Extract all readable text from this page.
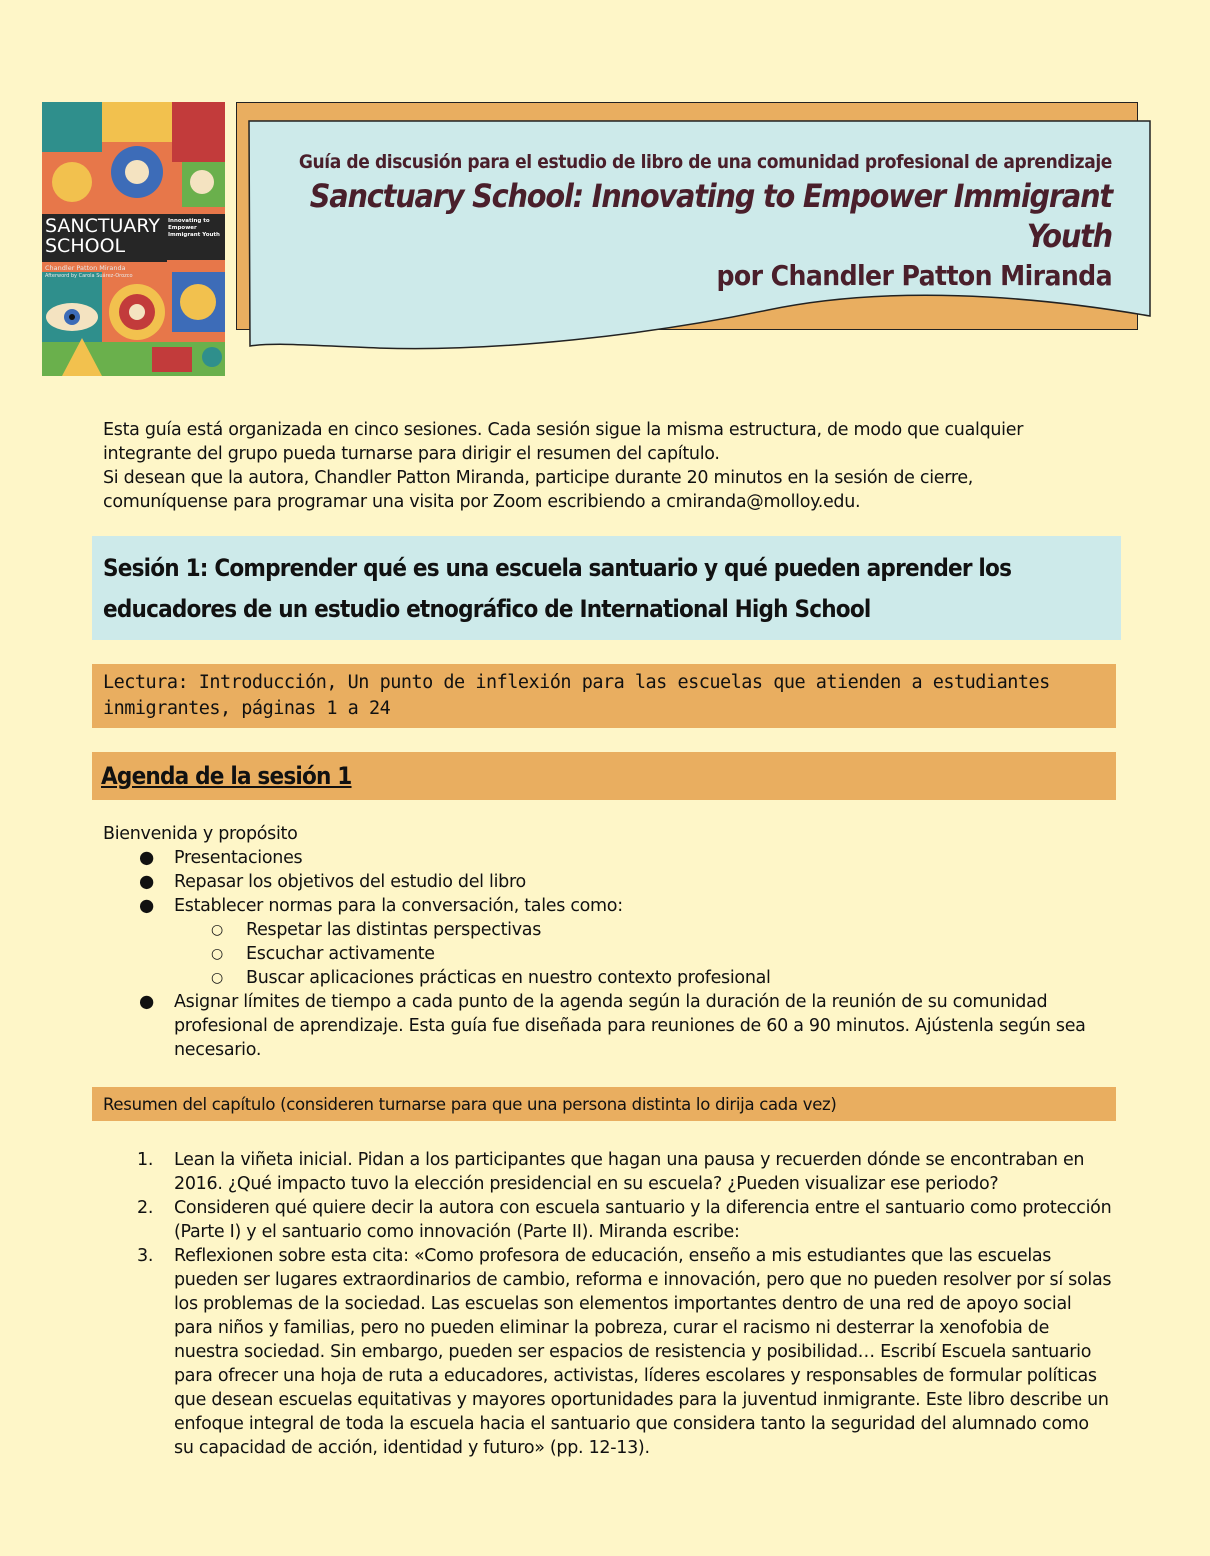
SANCTUARY
SCHOOL
Innovating to Empower Immigrant Youth
Chandler Patton Miranda
Afterword by Carola Suárez-Orozco
Guía de discusión para el estudio de libro de una comunidad profesional de aprendizaje
Sanctuary School: Innovating to Empower Immigrant Youth
por Chandler Patton Miranda

Esta guía está organizada en cinco sesiones. Cada sesión sigue la misma estructura, de modo que cualquier integrante del grupo pueda turnarse para dirigir el resumen del capítulo.

Si desean que la autora, Chandler Patton Miranda, participe durante 20 minutos en la sesión de cierre, comuníquense para programar una visita por Zoom escribiendo a cmiranda@molloy.edu.

Sesión 1: Comprender qué es una escuela santuario y qué pueden aprender los educadores de un estudio etnográfico de International High School
Lectura: Introducción, Un punto de inflexión para las escuelas que atienden a estudiantes inmigrantes, páginas 1 a 24
Agenda de la sesión 1
Bienvenida y propósito
● Presentaciones
● Repasar los objetivos del estudio del libro
● Establecer normas para la conversación, tales como:
○ Respetar las distintas perspectivas
○ Escuchar activamente
○ Buscar aplicaciones prácticas en nuestro contexto profesional
● Asignar límites de tiempo a cada punto de la agenda según la duración de la reunión de su comunidad profesional de aprendizaje. Esta guía fue diseñada para reuniones de 60 a 90 minutos. Ajústenla según sea necesario.
Resumen del capítulo (consideren turnarse para que una persona distinta lo dirija cada vez)
1. Lean la viñeta inicial. Pidan a los participantes que hagan una pausa y recuerden dónde se encontraban en 2016. ¿Qué impacto tuvo la elección presidencial en su escuela? ¿Pueden visualizar ese periodo?
2. Consideren qué quiere decir la autora con escuela santuario y la diferencia entre el santuario como protección (Parte I) y el santuario como innovación (Parte II). Miranda escribe:
3. Reflexionen sobre esta cita: «Como profesora de educación, enseño a mis estudiantes que las escuelas pueden ser lugares extraordinarios de cambio, reforma e innovación, pero que no pueden resolver por sí solas los problemas de la sociedad. Las escuelas son elementos importantes dentro de una red de apoyo social para niños y familias, pero no pueden eliminar la pobreza, curar el racismo ni desterrar la xenofobia de nuestra sociedad. Sin embargo, pueden ser espacios de resistencia y posibilidad… Escribí Escuela santuario para ofrecer una hoja de ruta a educadores, activistas, líderes escolares y responsables de formular políticas que desean escuelas equitativas y mayores oportunidades para la juventud inmigrante. Este libro describe un enfoque integral de toda la escuela hacia el santuario que considera tanto la seguridad del alumnado como su capacidad de acción, identidad y futuro» (pp. 12-13).
